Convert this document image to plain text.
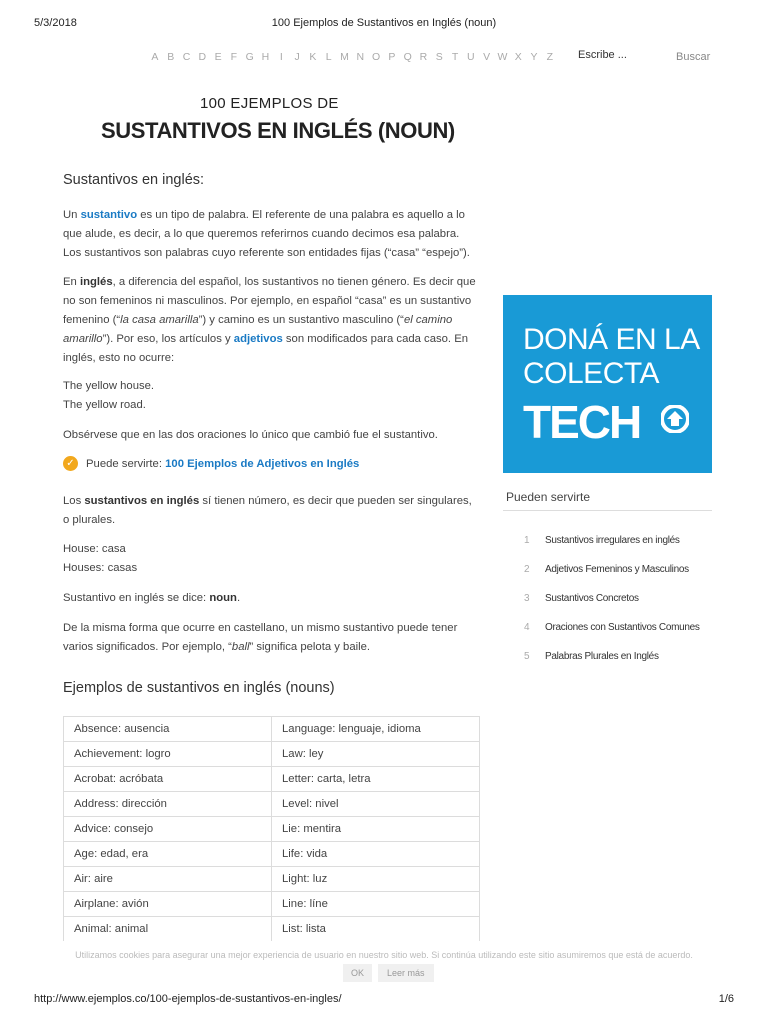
5/3/2018	100 Ejemplos de Sustantivos en Inglés (noun)
A B C D E F G H	I	J K L M N O P Q R S T U V W X Y Z
Escribe ...	Buscar
100 EJEMPLOS DE
SUSTANTIVOS EN INGLÉS (NOUN)
Sustantivos en inglés:

Un sustantivo es un tipo de palabra. El referente de una palabra es aquello a lo que alude, es decir, a lo que queremos referirnos cuando decimos esa palabra. Los sustantivos son palabras cuyo referente son entidades fijas (“casa” “espejo”).

En inglés, a diferencia del español, los sustantivos no tienen género. Es decir que no son femeninos ni masculinos. Por ejemplo, en español “casa” es un sustantivo femenino (“la casa amarilla”) y camino es un sustantivo masculino (“el camino amarillo”). Por eso, los artículos y adjetivos son modificados para cada caso. En inglés, esto no ocurre:

The yellow house.

The yellow road.

Obsérvese que en las dos oraciones lo único que cambió fue el sustantivo.

✓ Puede servirte: 100 Ejemplos de Adjetivos en Inglés

Los sustantivos en inglés sí tienen número, es decir que pueden ser singulares, o plurales.

House: casa

Houses: casas

Sustantivo en inglés se dice: noun.

De la misma forma que ocurre en castellano, un mismo sustantivo puede tener varios significados. Por ejemplo, “ball” significa pelota y baile.

Ejemplos de sustantivos en inglés (nouns)
Absence: ausencia	Language: lenguaje, idioma
Achievement: logro	Law: ley
Acrobat: acróbata	Letter: carta, letra
Address: dirección	Level: nivel
Advice: consejo	Lie: mentira
Age: edad, era	Life: vida
Air: aire	Light: luz
Airplane: avión	Line: línе
Animal: animal	List: lista
DONÁ EN LA
COLECTA
TECH
Pueden servirte
1 Sustantivos irregulares en inglés
2 Adjetivos Femeninos y Masculinos
3 Sustantivos Concretos
4 Oraciones con Sustantivos Comunes
5 Palabras Plurales en Inglés
Utilizamos cookies para asegurar una mejor experiencia de usuario en nuestro sitio web. Si continúa utilizando este sitio asumiremos que está de acuerdo.
OK	Leer más
http://www.ejemplos.co/100-ejemplos-de-sustantivos-en-ingles/	1/6
